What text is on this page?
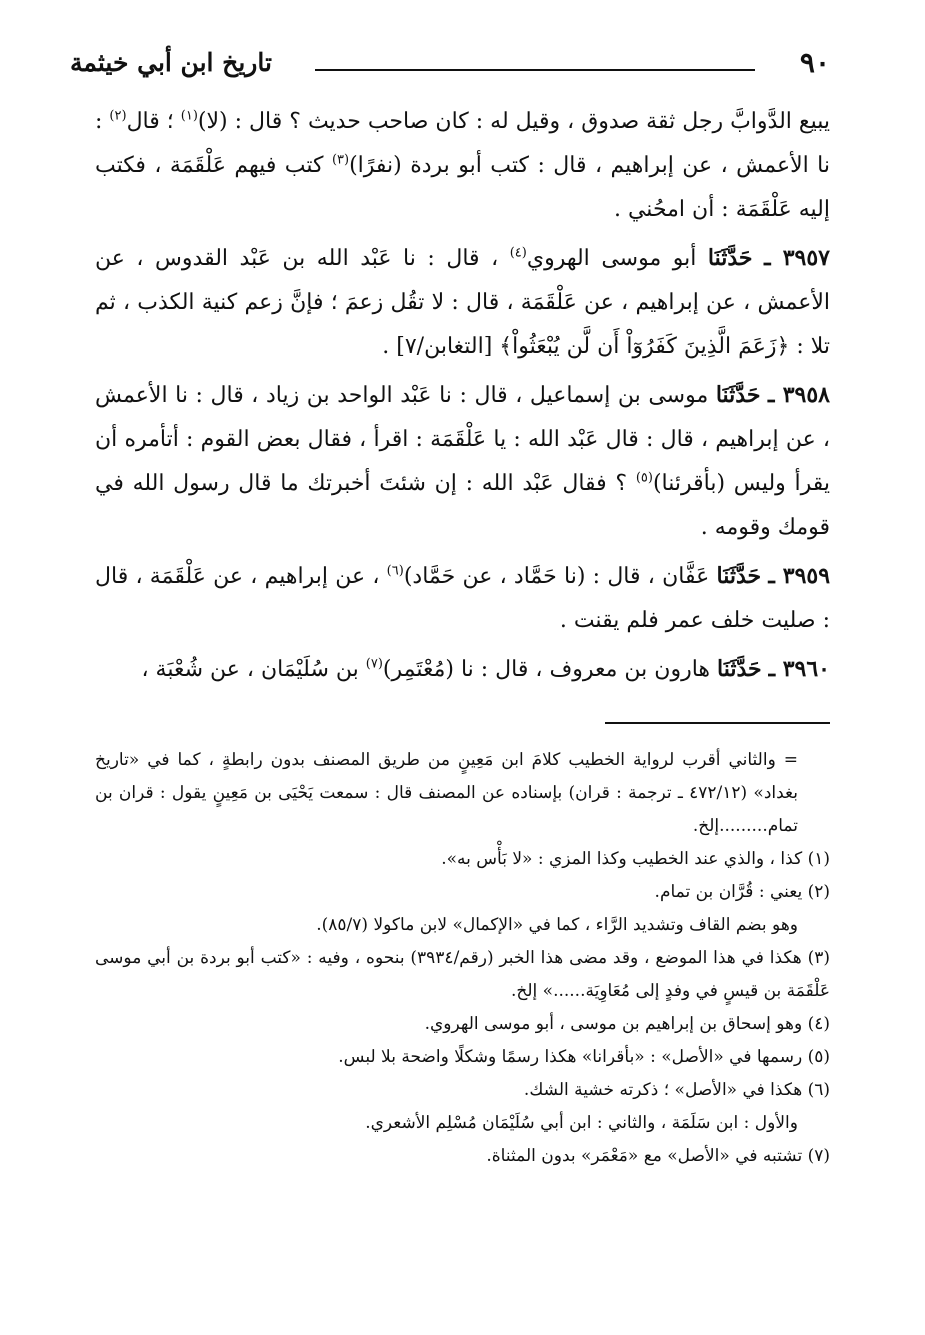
٩٠
تاريخ ابن أبي خيثمة

يبيع الدَّوابَّ رجل ثقة صدوق ، وقيل له : كان صاحب حديث ؟ قال : (لا)$^{(١)}$ ؛ قال$^{(٢)}$ : نا الأعمش ، عن إبراهيم ، قال : كتب أبو بردة (نفرًا)$^{(٣)}$ كتب فيهم عَلْقَمَة ، فكتب إليه عَلْقَمَة : أن امحُني .

٣٩٥٧ ـ حَدَّثَنَا أبو موسى الهروي$^{(٤)}$ ، قال : نا عَبْد الله بن عَبْد القدوس ، عن الأعمش ، عن إبراهيم ، عن عَلْقَمَة ، قال : لا تقُل زعمَ ؛ فإنَّ زعم كنية الكذب ، ثم تلا : ﴿زَعَمَ الَّذِينَ كَفَرُوٓاْ أَن لَّن يُبْعَثُواْ﴾ [التغابن/٧] .

٣٩٥٨ ـ حَدَّثَنَا موسى بن إسماعيل ، قال : نا عَبْد الواحد بن زياد ، قال : نا الأعمش ، عن إبراهيم ، قال : قال عَبْد الله : يا عَلْقَمَة : اقرأ ، فقال بعض القوم : أتأمره أن يقرأ وليس (بأقرئنا)$^{(٥)}$ ؟ فقال عَبْد الله : إن شئتَ أخبرتك ما قال رسول الله في قومك وقومه .

٣٩٥٩ ـ حَدَّثَنَا عَفَّان ، قال : (نا حَمَّاد ، عن حَمَّاد)$^{(٦)}$ ، عن إبراهيم ، عن عَلْقَمَة ، قال : صليت خلف عمر فلم يقنت .

٣٩٦٠ ـ حَدَّثَنَا هارون بن معروف ، قال : نا (مُعْتَمِر)$^{(٧)}$ بن سُلَيْمَان ، عن شُعْبَة ،

= والثاني أقرب لرواية الخطيب كلامَ ابن مَعِينٍ من طريق المصنف بدون رابطةٍ ، كما في «تاريخ بغداد» (٤٧٢/١٢ ـ ترجمة : قران) بإسناده عن المصنف قال : سمعت يَحْيَى بن مَعِينٍ يقول : قران بن تمام.........إلخ.

(١) كذا ، والذي عند الخطيب وكذا المزي : «لا بَأْس به».

(٢) يعني : قُرَّان بن تمام.

وهو بضم القاف وتشديد الرَّاء ، كما في «الإكمال» لابن ماكولا (٨٥/٧).

(٣) هكذا في هذا الموضع ، وقد مضى هذا الخبر (رقم/٣٩٣٤) بنحوه ، وفيه : «كتب أبو بردة بن أبي موسى عَلْقَمَة بن قيسٍ في وفدٍ إلى مُعَاوِيَة......» إلخ.

(٤) وهو إسحاق بن إبراهيم بن موسى ، أبو موسى الهروي.

(٥) رسمها في «الأصل» : «بأقرانا» هكذا رسمًا وشكلًا واضحة بلا لبس.

(٦) هكذا في «الأصل» ؛ ذكرته خشية الشك.

والأول : ابن سَلَمَة ، والثاني : ابن أبي سُلَيْمَان مُسْلِم الأشعري.

(٧) تشتبه في «الأصل» مع «مَعْمَر» بدون المثناة.
